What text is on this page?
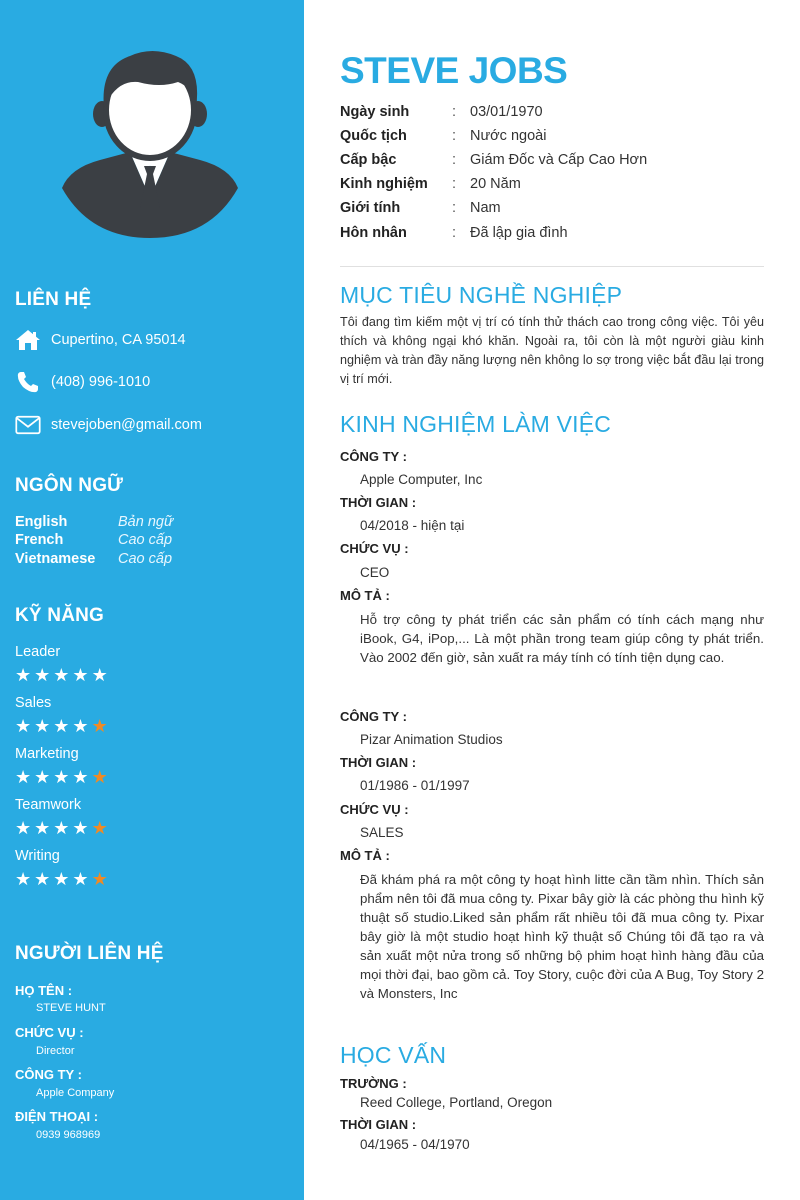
LIÊN HỆ
Cupertino, CA 95014
(408) 996-1010
stevejoben@gmail.com
NGÔN NGỮ
English	Bản ngữ
French	Cao cấp
Vietnamese	Cao cấp
KỸ NĂNG
Leader
★ ★ ★ ★ ★
Sales
★ ★ ★ ★ ★
Marketing
★ ★ ★ ★ ★
Teamwork
★ ★ ★ ★ ★
Writing
★ ★ ★ ★ ★
NGƯỜI LIÊN HỆ
HỌ TÊN :
STEVE HUNT
CHỨC VỤ :
Director
CÔNG TY :
Apple Company
ĐIỆN THOẠI :
0939 968969
STEVE JOBS
Ngày sinh	: 03/01/1970
Quốc tịch	: Nước ngoài
Cấp bậc	: Giám Đốc và Cấp Cao Hơn
Kinh nghiệm	: 20 Năm
Giới tính	: Nam
Hôn nhân	: Đã lập gia đình
MỤC TIÊU NGHỀ NGHIỆP
Tôi đang tìm kiếm một vị trí có tính thử thách cao trong công việc. Tôi yêu thích và không ngại khó khăn. Ngoài ra, tôi còn là một người giàu kinh nghiệm và tràn đầy năng lượng nên không lo sợ trong việc bắt đầu lại trong vị trí mới.
KINH NGHIỆM LÀM VIỆC
CÔNG TY :
Apple Computer, Inc
THỜI GIAN :
04/2018 - hiện tại
CHỨC VỤ :
CEO
MÔ TẢ :
Hỗ trợ công ty phát triển các sản phẩm có tính cách mạng như iBook, G4, iPop,... Là một phần trong team giúp công ty phát triển. Vào 2002 đến giờ, sản xuất ra máy tính có tính tiện dụng cao.
CÔNG TY :
Pizar Animation Studios
THỜI GIAN :
01/1986 - 01/1997
CHỨC VỤ :
SALES
MÔ TẢ :
Đã khám phá ra một công ty hoạt hình litte cần tầm nhìn. Thích sản phẩm nên tôi đã mua công ty. Pixar bây giờ là các phòng thu hình kỹ thuật số studio.Liked sản phẩm rất nhiều tôi đã mua công ty. Pixar bây giờ là một studio hoạt hình kỹ thuật số Chúng tôi đã tạo ra và sản xuất một nửa trong số những bộ phim hoạt hình hàng đầu của mọi thời đại, bao gồm cả. Toy Story, cuộc đời của A Bug, Toy Story 2 và Monsters, Inc
HỌC VẤN
TRƯỜNG :
Reed College, Portland, Oregon
THỜI GIAN :
04/1965 - 04/1970
